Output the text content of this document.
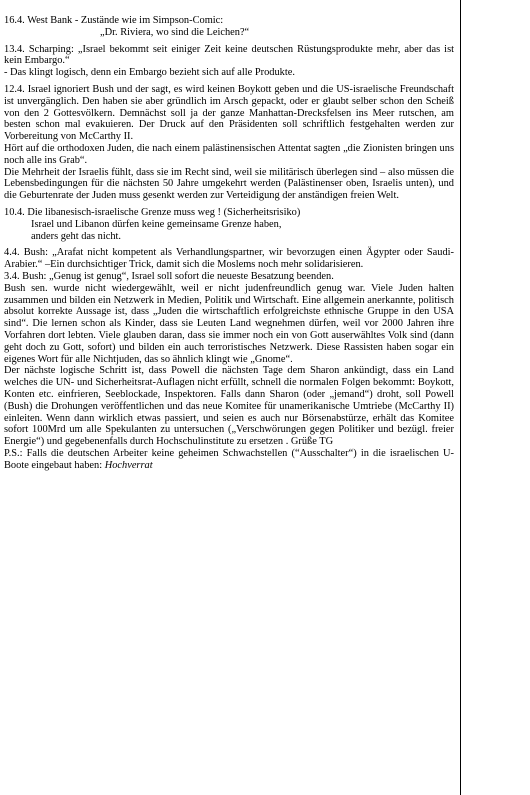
16.4. West Bank - Zustände wie im Simpson-Comic:
„Dr. Riviera, wo sind die Leichen?“
13.4. Scharping: „Israel bekommt seit einiger Zeit keine deutschen Rüstungsprodukte mehr, aber das ist kein Embargo.“
- Das klingt logisch, denn ein Embargo bezieht sich auf alle Produkte.
12.4. Israel ignoriert Bush und der sagt, es wird keinen Boykott geben und die US-israelische Freundschaft ist unvergänglich. Den haben sie aber gründlich im Arsch gepackt, oder er glaubt selber schon den Scheiß von den 2 Gottesvölkern. Demnächst soll ja der ganze Manhattan-Drecksfelsen ins Meer rutschen, am besten schon mal evakuieren. Der Druck auf den Präsidenten soll schriftlich festgehalten werden zur Vorbereitung von McCarthy II.
Hört auf die orthodoxen Juden, die nach einem palästinensischen Attentat sagten „die Zionisten bringen uns noch alle ins Grab“.
Die Mehrheit der Israelis fühlt, dass sie im Recht sind, weil sie militärisch überlegen sind – also müssen die Lebensbedingungen für die nächsten 50 Jahre umgekehrt werden (Palästinenser oben, Israelis unten), und die Geburtenrate der Juden muss gesenkt werden zur Verteidigung der anständigen freien Welt.
10.4. Die libanesisch-israelische Grenze muss weg ! (Sicherheitsrisiko)
Israel und Libanon dürfen keine gemeinsame Grenze haben,
anders geht das nicht.
4.4. Bush: „Arafat nicht kompetent als Verhandlungspartner, wir bevorzugen einen Ägypter oder Saudi-Arabier.“ –Ein durchsichtiger Trick, damit sich die Moslems noch mehr solidarisieren.
3.4. Bush: „Genug ist genug“, Israel soll sofort die neueste Besatzung beenden.
Bush sen. wurde nicht wiedergewählt, weil er nicht judenfreundlich genug war. Viele Juden halten zusammen und bilden ein Netzwerk in Medien, Politik und Wirtschaft. Eine allgemein anerkannte, politisch absolut korrekte Aussage ist, dass „Juden die wirtschaftlich erfolgreichste ethnische Gruppe in den USA sind“. Die lernen schon als Kinder, dass sie Leuten Land wegnehmen dürfen, weil vor 2000 Jahren ihre Vorfahren dort lebten. Viele glauben daran, dass sie immer noch ein von Gott auserwähltes Volk sind (dann geht doch zu Gott, sofort) und bilden ein auch terroristisches Netzwerk. Diese Rassisten haben sogar ein eigenes Wort für alle Nichtjuden, das so ähnlich klingt wie „Gnome“.
Der nächste logische Schritt ist, dass Powell die nächsten Tage dem Sharon ankündigt, dass ein Land welches die UN- und Sicherheitsrat-Auflagen nicht erfüllt, schnell die normalen Folgen bekommt: Boykott, Konten etc. einfrieren, Seeblockade, Inspektoren. Falls dann Sharon (oder „jemand“) droht, soll Powell (Bush) die Drohungen veröffentlichen und das neue Komitee für unamerikanische Umtriebe (McCarthy II) einleiten. Wenn dann wirklich etwas passiert, und seien es auch nur Börsenabstürze, erhält das Komitee sofort 100Mrd um alle Spekulanten zu untersuchen („Verschwörungen gegen Politiker und bezügl. freier Energie“) und gegebenenfalls durch Hochschulinstitute zu ersetzen . Grüße TG
P.S.: Falls die deutschen Arbeiter keine geheimen Schwachstellen (“Ausschalter“) in die israelischen U-Boote eingebaut haben: Hochverrat
